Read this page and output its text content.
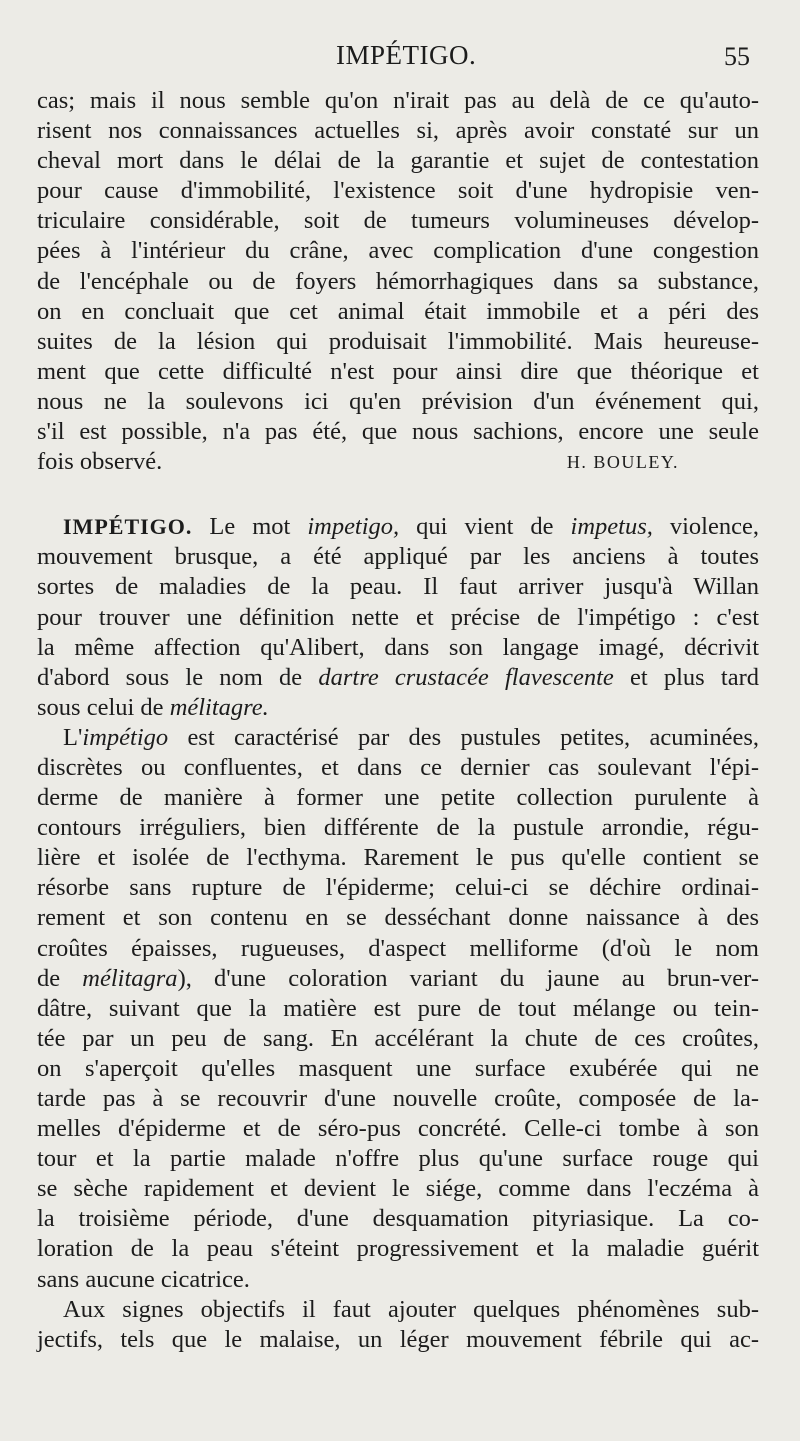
IMPÉTIGO.	55
cas; mais il nous semble qu'on n'irait pas au delà de ce qu'auto-
risent nos connaissances actuelles si, après avoir constaté sur un
cheval mort dans le délai de la garantie et sujet de contestation
pour cause d'immobilité, l'existence soit d'une hydropisie ven-
triculaire considérable, soit de tumeurs volumineuses dévelop-
pées à l'intérieur du crâne, avec complication d'une congestion
de l'encéphale ou de foyers hémorrhagiques dans sa substance,
on en concluait que cet animal était immobile et a péri des
suites de la lésion qui produisait l'immobilité. Mais heureuse-
ment que cette difficulté n'est pour ainsi dire que théorique et
nous ne la soulevons ici qu'en prévision d'un événement qui,
s'il est possible, n'a pas été, que nous sachions, encore une seule
fois observé.	H. BOULEY.
IMPÉTIGO. Le mot impetigo, qui vient de impetus, violence,
mouvement brusque, a été appliqué par les anciens à toutes
sortes de maladies de la peau. Il faut arriver jusqu'à Willan
pour trouver une définition nette et précise de l'impétigo : c'est
la même affection qu'Alibert, dans son langage imagé, décrivit
d'abord sous le nom de dartre crustacée flavescente et plus tard
sous celui de mélitagre.
L'impétigo est caractérisé par des pustules petites, acuminées,
discrètes ou confluentes, et dans ce dernier cas soulevant l'épi-
derme de manière à former une petite collection purulente à
contours irréguliers, bien différente de la pustule arrondie, régu-
lière et isolée de l'ecthyma. Rarement le pus qu'elle contient se
résorbe sans rupture de l'épiderme; celui-ci se déchire ordinai-
rement et son contenu en se desséchant donne naissance à des
croûtes épaisses, rugueuses, d'aspect melliforme (d'où le nom
de mélitagra), d'une coloration variant du jaune au brun-ver-
dâtre, suivant que la matière est pure de tout mélange ou tein-
tée par un peu de sang. En accélérant la chute de ces croûtes,
on s'aperçoit qu'elles masquent une surface exubérée qui ne
tarde pas à se recouvrir d'une nouvelle croûte, composée de la-
melles d'épiderme et de séro-pus concrété. Celle-ci tombe à son
tour et la partie malade n'offre plus qu'une surface rouge qui
se sèche rapidement et devient le siége, comme dans l'eczéma à
la troisième période, d'une desquamation pityriasique. La co-
loration de la peau s'éteint progressivement et la maladie guérit
sans aucune cicatrice.
Aux signes objectifs il faut ajouter quelques phénomènes sub-
jectifs, tels que le malaise, un léger mouvement fébrile qui ac-
